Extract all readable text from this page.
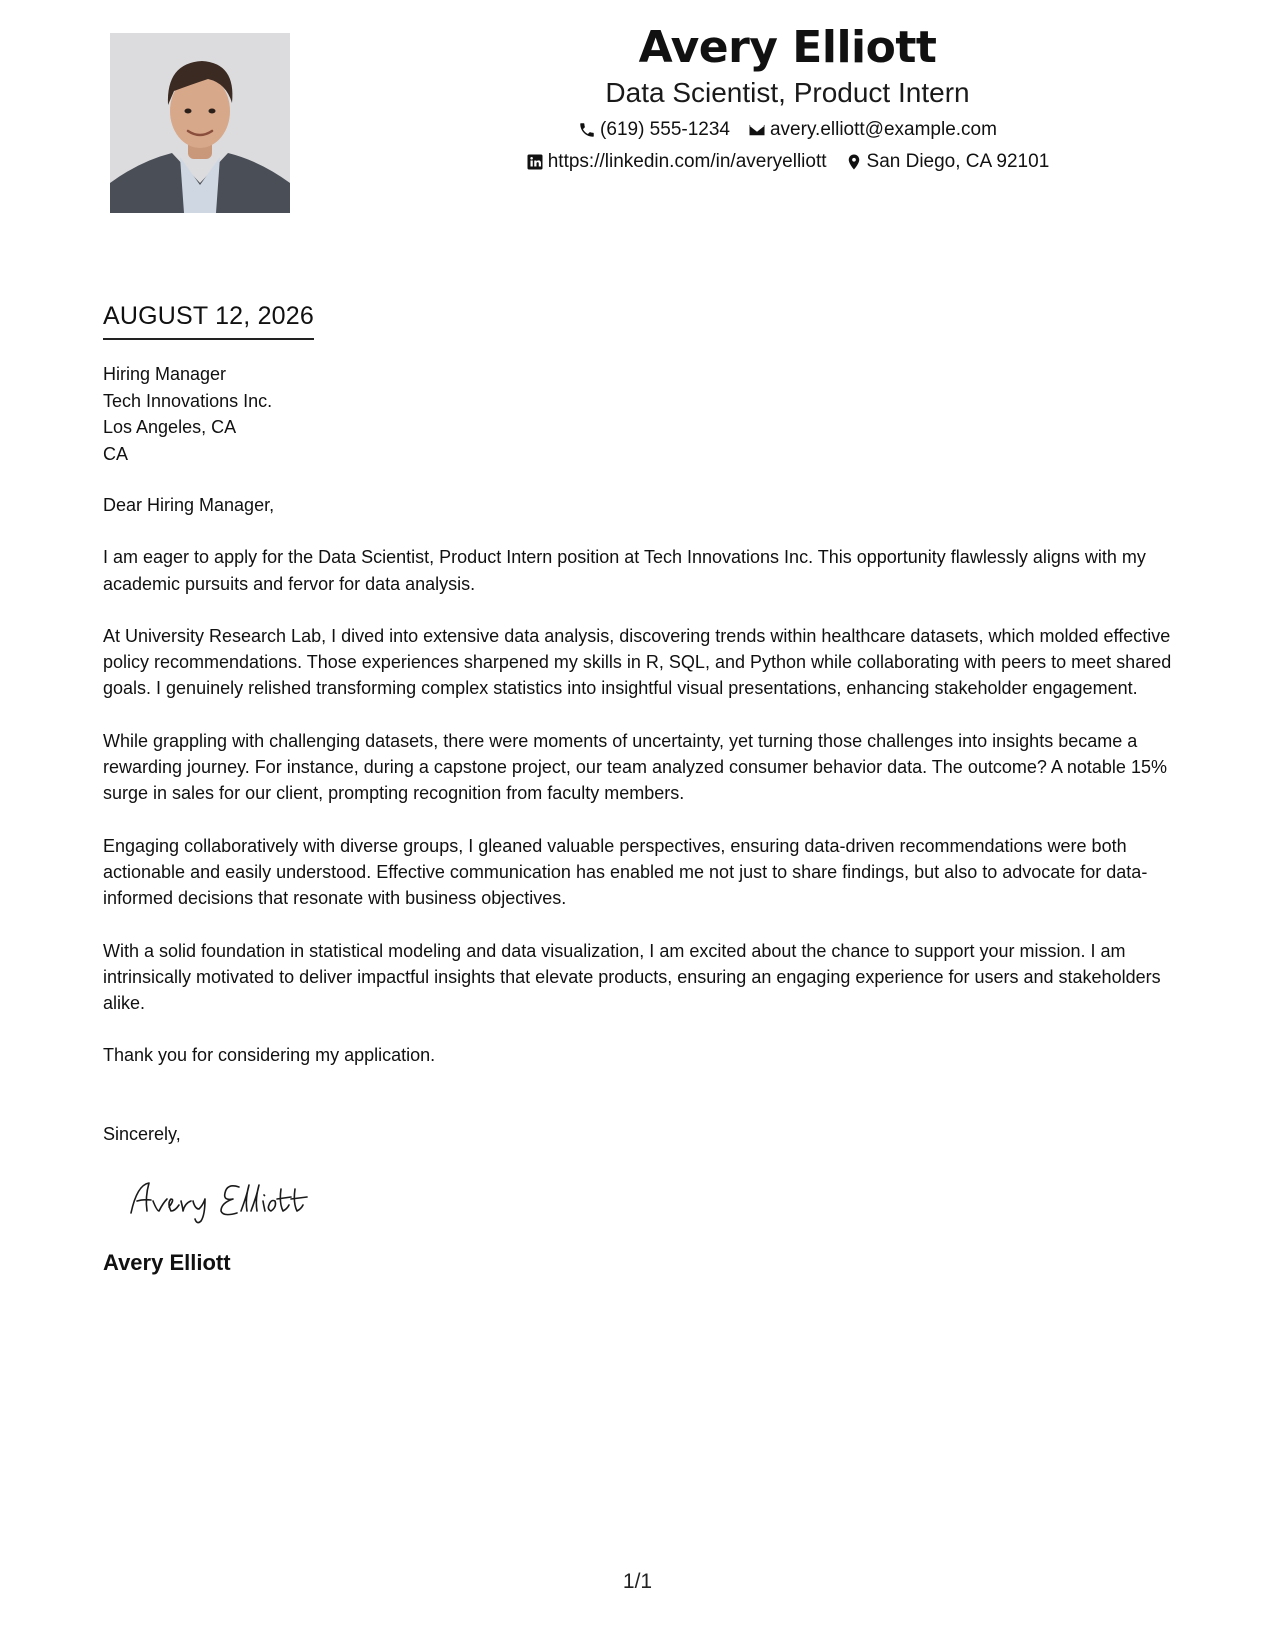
Avery Elliott
Data Scientist, Product Intern
(619) 555-1234 avery.elliott@example.com
https://linkedin.com/in/averyelliott San Diego, CA 92101
AUGUST 12, 2026
Hiring Manager
Tech Innovations Inc.
Los Angeles, CA
CA

Dear Hiring Manager,

I am eager to apply for the Data Scientist, Product Intern position at Tech Innovations Inc. This opportunity flawlessly aligns with my academic pursuits and fervor for data analysis.

At University Research Lab, I dived into extensive data analysis, discovering trends within healthcare datasets, which molded effective policy recommendations. Those experiences sharpened my skills in R, SQL, and Python while collaborating with peers to meet shared goals. I genuinely relished transforming complex statistics into insightful visual presentations, enhancing stakeholder engagement.

While grappling with challenging datasets, there were moments of uncertainty, yet turning those challenges into insights became a rewarding journey. For instance, during a capstone project, our team analyzed consumer behavior data. The outcome? A notable 15% surge in sales for our client, prompting recognition from faculty members.

Engaging collaboratively with diverse groups, I gleaned valuable perspectives, ensuring data-driven recommendations were both actionable and easily understood. Effective communication has enabled me not just to share findings, but also to advocate for data-informed decisions that resonate with business objectives.

With a solid foundation in statistical modeling and data visualization, I am excited about the chance to support your mission. I am intrinsically motivated to deliver impactful insights that elevate products, ensuring an engaging experience for users and stakeholders alike.

Thank you for considering my application.

Sincerely,
Avery Elliott
1/1
